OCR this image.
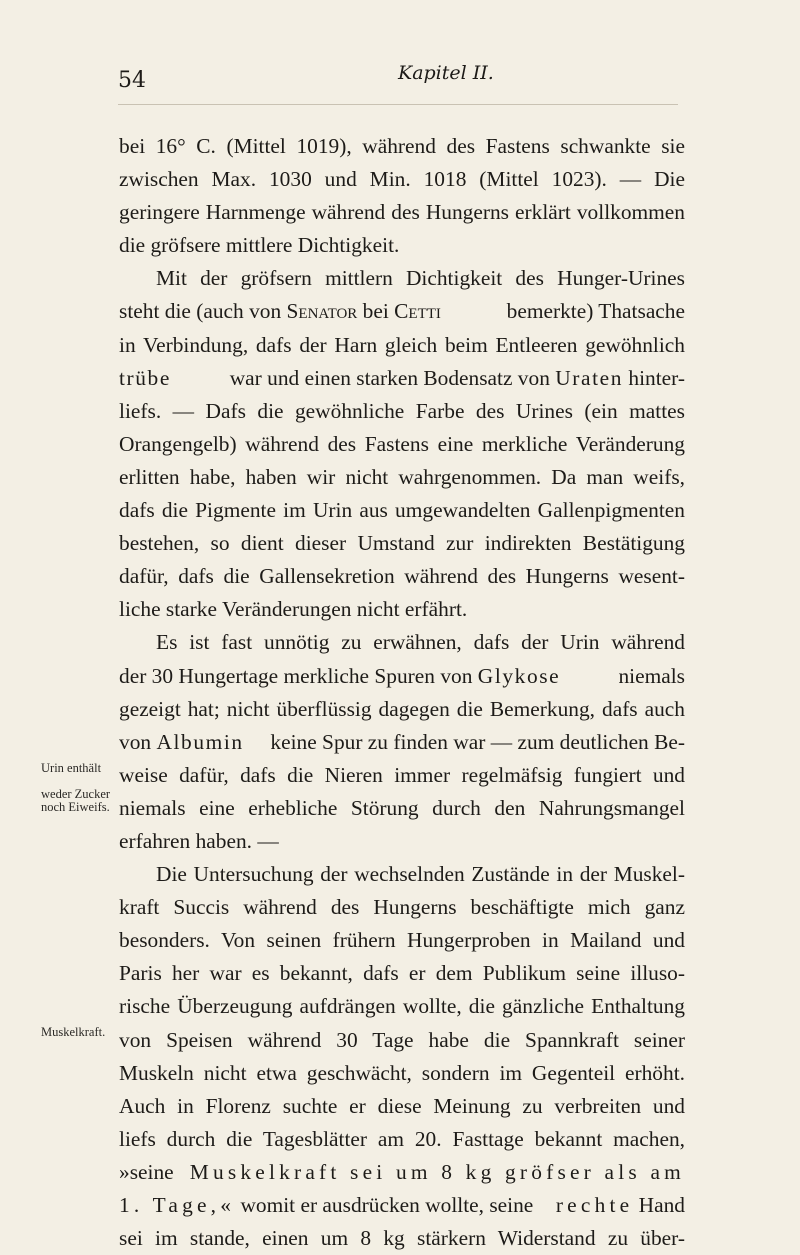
54	Kapitel II.
Urin enthält
weder Zucker
noch Eiweifs.
Muskelkraft.
bei 16° C. (Mittel 1019), während des Fastens schwankte sie
zwischen Max. 1030 und Min. 1018 (Mittel 1023). — Die
geringere Harnmenge während des Hungerns erklärt vollkommen
die gröfsere mittlere Dichtigkeit.
Mit der gröfsern mittlern Dichtigkeit des Hunger-Urines
steht die (auch von Senator bei Cetti	bemerkte) Thatsache
in Verbindung, dafs der Harn gleich beim Entleeren gewöhnlich
trübe war und einen starken Bodensatz von Uraten hinter-
liefs. — Dafs die gewöhnliche Farbe des Urines (ein mattes
Orangengelb) während des Fastens eine merkliche Veränderung
erlitten habe, haben wir nicht wahrgenommen. Da man weifs,
dafs die Pigmente im Urin aus umgewandelten Gallenpigmenten
bestehen, so dient dieser Umstand zur indirekten Bestätigung
dafür, dafs die Gallensekretion während des Hungerns wesent-
liche starke Veränderungen nicht erfährt.
Es ist fast unnötig zu erwähnen, dafs der Urin während
der 30 Hungertage merkliche Spuren von Glykose niemals
gezeigt hat; nicht überflüssig dagegen die Bemerkung, dafs auch
von Albumin keine Spur zu finden war — zum deutlichen Be-
weise dafür, dafs die Nieren immer regelmäfsig fungiert und
niemals eine erhebliche Störung durch den Nahrungsmangel
erfahren haben. —
Die Untersuchung der wechselnden Zustände in der Muskel-
kraft Succis während des Hungerns beschäftigte mich ganz
besonders. Von seinen frühern Hungerproben in Mailand und
Paris her war es bekannt, dafs er dem Publikum seine illuso-
rische Überzeugung aufdrängen wollte, die gänzliche Enthaltung
von Speisen während 30 Tage habe die Spannkraft seiner
Muskeln nicht etwa geschwächt, sondern im Gegenteil erhöht.
Auch in Florenz suchte er diese Meinung zu verbreiten und
liefs durch die Tagesblätter am 20. Fasttage bekannt machen,
»seine Muskelkraft sei um 8 kg gröfser als am
1. Tage,« womit er ausdrücken wollte, seine rechte Hand
sei im stande, einen um 8 kg stärkern Widerstand zu über-
